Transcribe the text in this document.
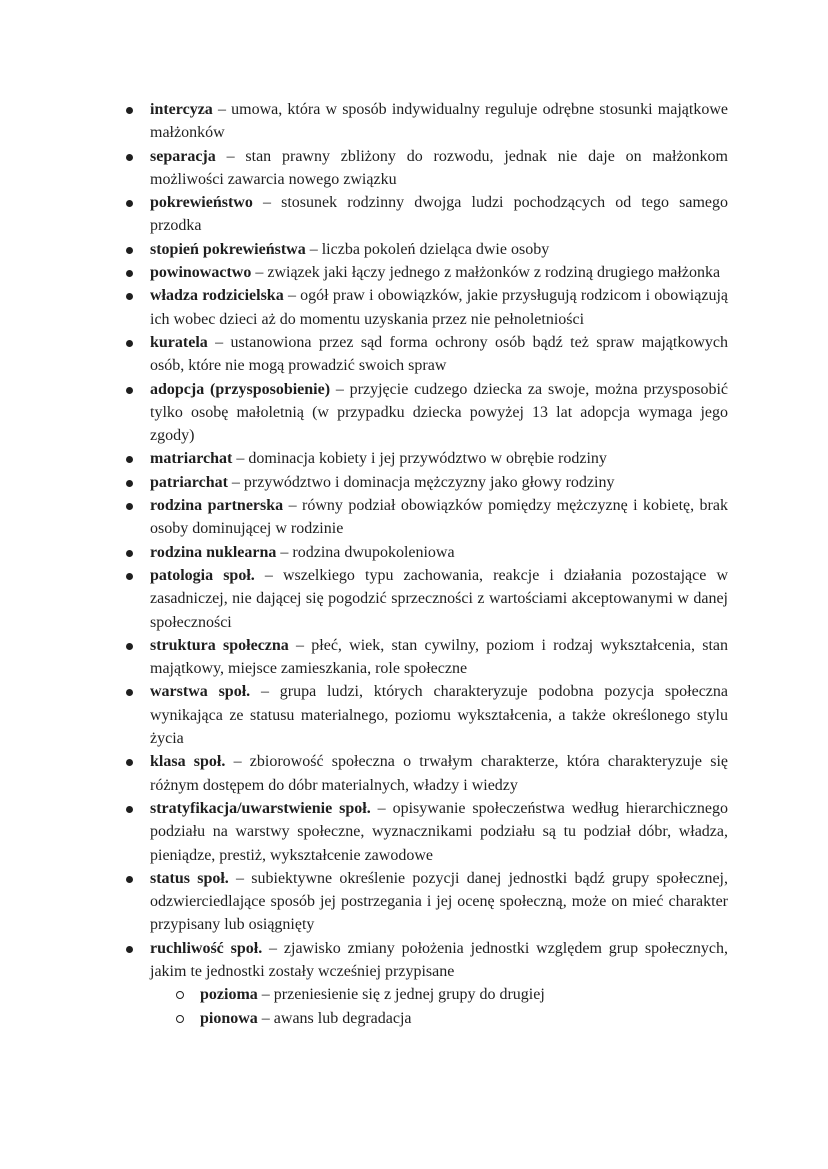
intercyza – umowa, która w sposób indywidualny reguluje odrębne stosunki majątkowe małżonków
separacja – stan prawny zbliżony do rozwodu, jednak nie daje on małżonkom możliwości zawarcia nowego związku
pokrewieństwo – stosunek rodzinny dwojga ludzi pochodzących od tego samego przodka
stopień pokrewieństwa – liczba pokoleń dzieląca dwie osoby
powinowactwo – związek jaki łączy jednego z małżonków z rodziną drugiego małżonka
władza rodzicielska – ogół praw i obowiązków, jakie przysługują rodzicom i obowiązują ich wobec dzieci aż do momentu uzyskania przez nie pełnoletniości
kuratela – ustanowiona przez sąd forma ochrony osób bądź też spraw majątkowych osób, które nie mogą prowadzić swoich spraw
adopcja (przysposobienie) – przyjęcie cudzego dziecka za swoje, można przysposobić tylko osobę małoletnią (w przypadku dziecka powyżej 13 lat adopcja wymaga jego zgody)
matriarchat – dominacja kobiety i jej przywództwo w obrębie rodziny
patriarchat – przywództwo i dominacja mężczyzny jako głowy rodziny
rodzina partnerska – równy podział obowiązków pomiędzy mężczyznę i kobietę, brak osoby dominującej w rodzinie
rodzina nuklearna – rodzina dwupokoleniowa
patologia społ. – wszelkiego typu zachowania, reakcje i działania pozostające w zasadniczej, nie dającej się pogodzić sprzeczności z wartościami akceptowanymi w danej społeczności
struktura społeczna – płeć, wiek, stan cywilny, poziom i rodzaj wykształcenia, stan majątkowy, miejsce zamieszkania, role społeczne
warstwa społ. – grupa ludzi, których charakteryzuje podobna pozycja społeczna wynikająca ze statusu materialnego, poziomu wykształcenia, a także określonego stylu życia
klasa społ. – zbiorowość społeczna o trwałym charakterze, która charakteryzuje się różnym dostępem do dóbr materialnych, władzy i wiedzy
stratyfikacja/uwarstwienie społ. – opisywanie społeczeństwa według hierarchicznego podziału na warstwy społeczne, wyznacznikami podziału są tu podział dóbr, władza, pieniądze, prestiż, wykształcenie zawodowe
status społ. – subiektywne określenie pozycji danej jednostki bądź grupy społecznej, odzwierciedlające sposób jej postrzegania i jej ocenę społeczną, może on mieć charakter przypisany lub osiągnięty
ruchliwość społ. – zjawisko zmiany położenia jednostki względem grup społecznych, jakim te jednostki zostały wcześniej przypisane
pozioma – przeniesienie się z jednej grupy do drugiej
pionowa – awans lub degradacja
